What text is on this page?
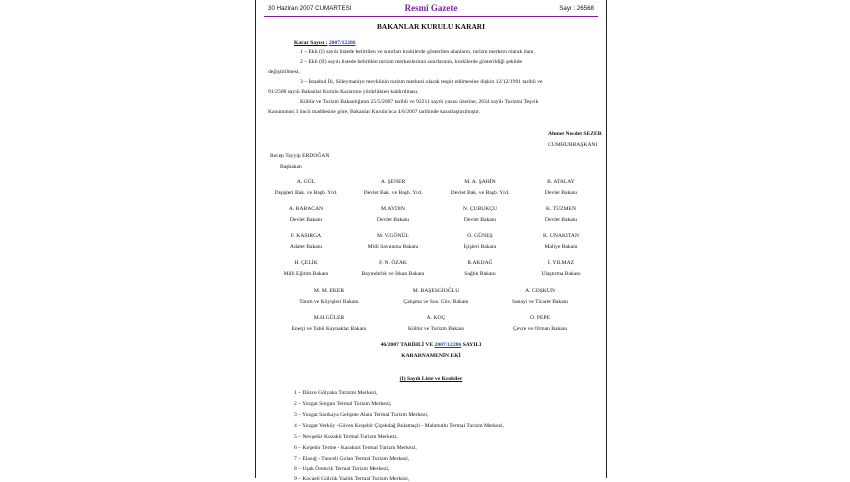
30 Haziran 2007 CUMARTESİ	Resmî Gazete	Sayı : 26568
BAKANLAR KURULU KARARI
Karar Sayısı : 2007/12286
1 – Ekli (I) sayılı listede belirtilen ve sınırları krokilerde gösterilen alanların, turizm merkezi olarak ilanı,
2 – Ekli (II) sayılı listede belirtilen turizm merkezlerinin sınırlarının, krokilerde gösterildiği şekilde
değiştirilmesi,
3 – İstanbul İli, Süleymaniye mevkiinin turizm merkezi olarak tespit edilmesine ilişkin 12/12/1991 tarihli ve
91/2508 sayılı Bakanlar Kurulu Kararının yürürlükten kaldırılması,
Kültür ve Turizm Bakanlığının 25/5/2007 tarihli ve 92211 sayılı yazısı üzerine, 2634 sayılı Turizmi Teşvik
Kanununun 3 üncü maddesine göre, Bakanlar Kurulu'nca 4/6/2007 tarihinde kararlaştırılmıştır.
Ahmet Necdet SEZER
CUMHURBAŞKANI
Recep Tayyip ERDOĞAN
Başbakan
A. GÜL
Dışişleri Bak. ve Başb. Yrd.
A. ŞENER
Devlet Bak. ve Başb. Yrd.
M. A. ŞAHİN
Devlet Bak. ve Başb. Yrd.
B. ATALAY
Devlet Bakanı
A. BABACAN
Devlet Bakanı
M.AYDIN
Devlet Bakanı
N. ÇUBUKÇU
Devlet Bakanı
K. TÜZMEN
Devlet Bakanı
F. KASIRGA
Adalet Bakanı
M. V.GÖNÜL
Milli Savunma Bakanı
O. GÜNEŞ
İçişleri Bakanı
K. UNAKITAN
Maliye Bakanı
H. ÇELİK
Milli Eğitim Bakanı
F. N. ÖZAK
Bayındırlık ve İskan Bakanı
R.AKDAĞ
Sağlık Bakanı
İ. YILMAZ
Ulaştırma Bakanı
M. M. EKER
Tarım ve Köyişleri Bakanı
M. BAŞESGİOĞLU
Çalışma ve Sos. Güv. Bakanı
A. COŞKUN
Sanayi ve Ticaret Bakanı
M.H.GÜLER
Enerji ve Tabii Kaynaklar Bakanı
A. KOÇ
Kültür ve Turizm Bakanı
O. PEPE
Çevre ve Orman Bakanı
46/2007 TARİHLİ VE 2007/12286 SAYILI
KARARNAMENİN EKİ
(I) Sayılı Liste ve Krokiler
1 – Düzce Gölyaka Turizmi Merkezi,
2 – Yozgat Sorgun Termal Turizm Merkezi,
3 – Yozgat Sarıkaya Gelişme Alanı Termal Turizm Merkezi,
4 – Yozgat Yerköy -Güven Kırşehir Çiçekdağ Bulamaçlı - Mahmutlu Termal Turizm Merkezi,
5 – Nevşehir Kozaklı Termal Turizm Merkezi,
6 – Kırşehir Terme - Karakurt Termal Turizm Merkezi,
7 – Elazığ - Tunceli Golan Termal Turizm Merkezi,
8 – Uşak Örencik Termal Turizm Merkezi,
9 – Kocaeli Gölcük Yazlık Termal Turizm Merkezi,
